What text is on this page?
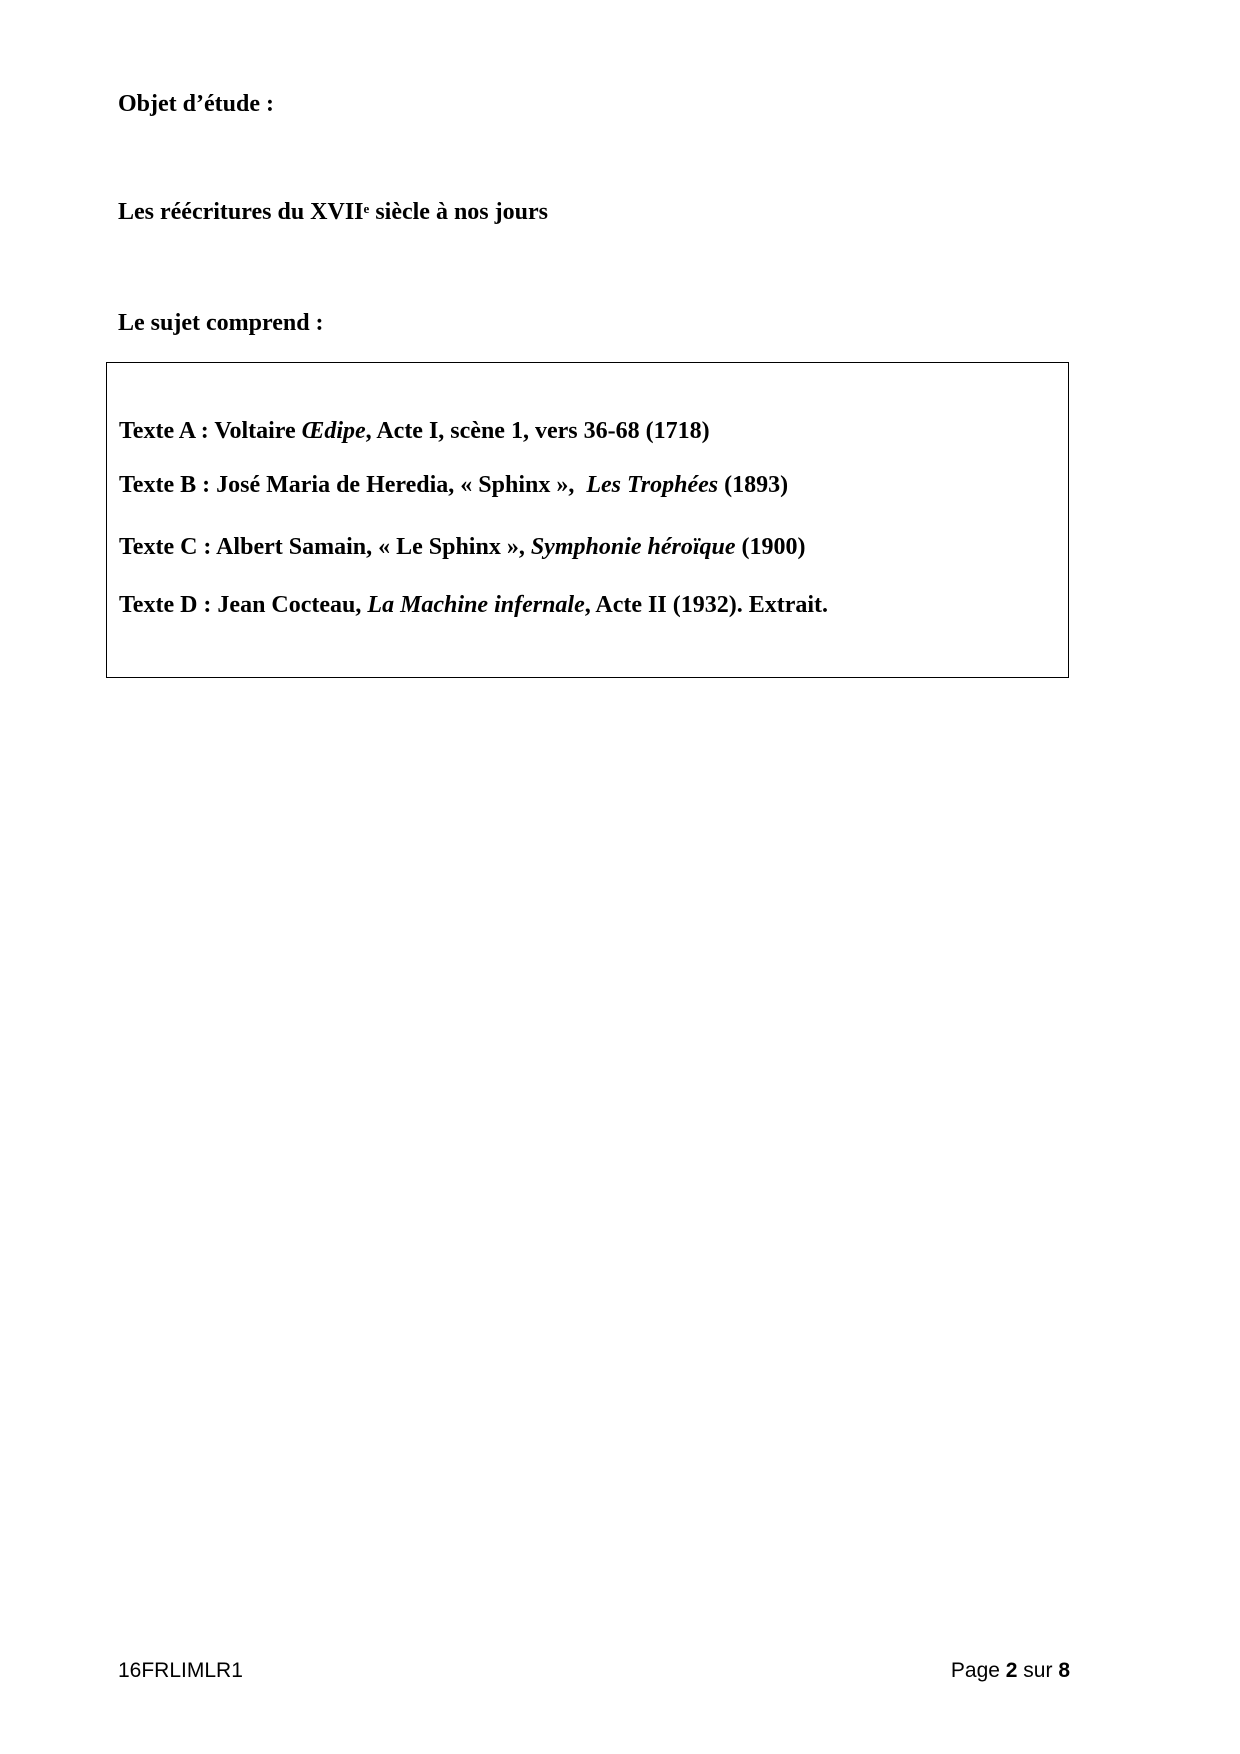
Objet d’étude :
Les réécritures du XVIIe siècle à nos jours
Le sujet comprend :
Texte A : Voltaire Œdipe, Acte I, scène 1, vers 36-68 (1718)
Texte B : José Maria de Heredia, « Sphinx »,  Les Trophées (1893)
Texte C : Albert Samain, « Le Sphinx », Symphonie héroïque (1900)
Texte D : Jean Cocteau, La Machine infernale, Acte II (1932). Extrait.
16FRLIMLR1	Page 2 sur 8
